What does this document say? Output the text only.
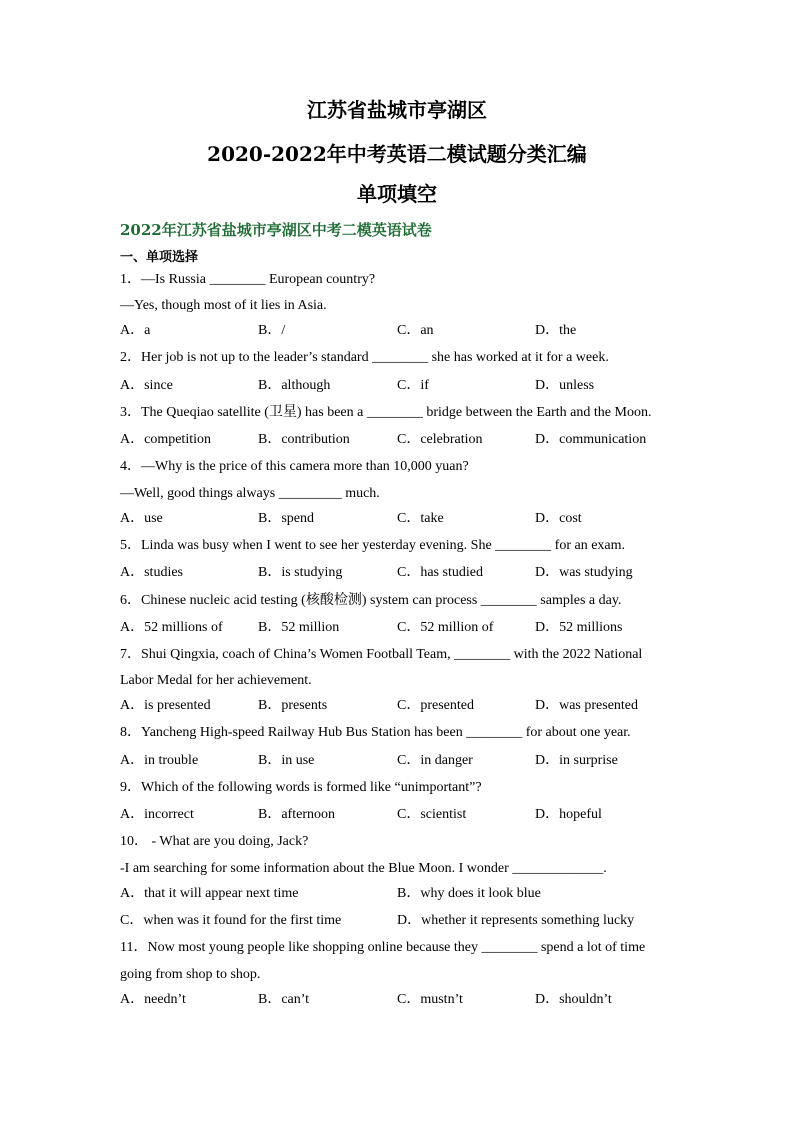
江苏省盐城市亭湖区
2020-2022年中考英语二模试题分类汇编
单项填空
2022年江苏省盐城市亭湖区中考二模英语试卷
一、单项选择
1．—Is Russia ________ European country?
—Yes, though most of it lies in Asia.
A．a	B．/	C．an	D．the
2．Her job is not up to the leader’s standard ________ she has worked at it for a week.
A．since	B．although	C．if	D．unless
3．The Queqiao satellite (卫星) has been a ________ bridge between the Earth and the Moon.
A．competition	B．contribution	C．celebration	D．communication
4．—Why is the price of this camera more than 10,000 yuan?
—Well, good things always _________ much.
A．use	B．spend	C．take	D．cost
5．Linda was busy when I went to see her yesterday evening. She ________ for an exam.
A．studies	B．is studying	C．has studied	D．was studying
6．Chinese nucleic acid testing (核酸检测) system can process ________ samples a day.
A．52 millions of	B．52 million	C．52 million of	D．52 millions
7．Shui Qingxia, coach of China’s Women Football Team, ________ with the 2022 National
Labor Medal for her achievement.
A．is presented	B．presents	C．presented	D．was presented
8．Yancheng High-speed Railway Hub Bus Station has been ________ for about one year.
A．in trouble	B．in use	C．in danger	D．in surprise
9．Which of the following words is formed like “unimportant”?
A．incorrect	B．afternoon	C．scientist	D．hopeful
10． - What are you doing, Jack?
-I am searching for some information about the Blue Moon. I wonder _____________.
A．that it will appear next time	B．why does it look blue
C．when was it found for the first time	D．whether it represents something lucky
11．Now most young people like shopping online because they ________ spend a lot of time
going from shop to shop.
A．needn’t	B．can’t	C．mustn’t	D．shouldn’t
